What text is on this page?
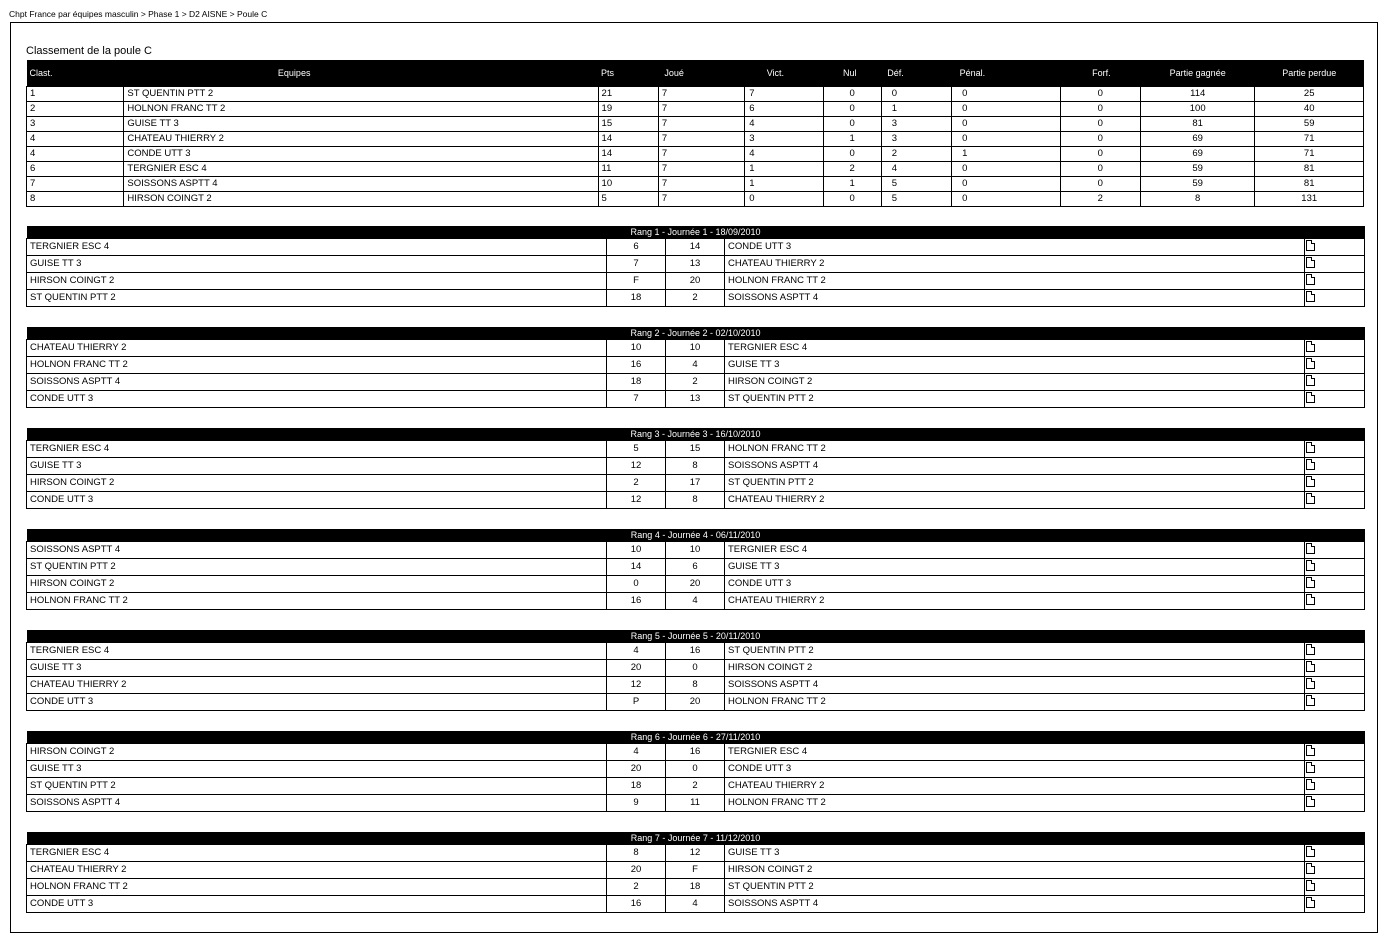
Chpt France par équipes masculin > Phase 1 > D2 AISNE > Poule C
Classement de la poule C
Clast.	Equipes	Pts	Joué	Vict.	Nul	Déf.	Pénal.	Forf.	Partie gagnée	Partie perdue
1	ST QUENTIN PTT 2	21	7	7	0	0	0	0	114	25
2	HOLNON FRANC TT 2	19	7	6	0	1	0	0	100	40
3	GUISE TT 3	15	7	4	0	3	0	0	81	59
4	CHATEAU THIERRY 2	14	7	3	1	3	0	0	69	71
4	CONDE UTT 3	14	7	4	0	2	1	0	69	71
6	TERGNIER ESC 4	11	7	1	2	4	0	0	59	81
7	SOISSONS ASPTT 4	10	7	1	1	5	0	0	59	81
8	HIRSON COINGT 2	5	7	0	0	5	0	2	8	131
Rang 1 - Journée 1 - 18/09/2010				
TERGNIER ESC 4	6	14	CONDE UTT 3	
GUISE TT 3	7	13	CHATEAU THIERRY 2	
HIRSON COINGT 2	F	20	HOLNON FRANC TT 2	
ST QUENTIN PTT 2	18	2	SOISSONS ASPTT 4	
Rang 2 - Journée 2 - 02/10/2010				
CHATEAU THIERRY 2	10	10	TERGNIER ESC 4	
HOLNON FRANC TT 2	16	4	GUISE TT 3	
SOISSONS ASPTT 4	18	2	HIRSON COINGT 2	
CONDE UTT 3	7	13	ST QUENTIN PTT 2	
Rang 3 - Journée 3 - 16/10/2010				
TERGNIER ESC 4	5	15	HOLNON FRANC TT 2	
GUISE TT 3	12	8	SOISSONS ASPTT 4	
HIRSON COINGT 2	2	17	ST QUENTIN PTT 2	
CONDE UTT 3	12	8	CHATEAU THIERRY 2	
Rang 4 - Journée 4 - 06/11/2010				
SOISSONS ASPTT 4	10	10	TERGNIER ESC 4	
ST QUENTIN PTT 2	14	6	GUISE TT 3	
HIRSON COINGT 2	0	20	CONDE UTT 3	
HOLNON FRANC TT 2	16	4	CHATEAU THIERRY 2	
Rang 5 - Journée 5 - 20/11/2010				
TERGNIER ESC 4	4	16	ST QUENTIN PTT 2	
GUISE TT 3	20	0	HIRSON COINGT 2	
CHATEAU THIERRY 2	12	8	SOISSONS ASPTT 4	
CONDE UTT 3	P	20	HOLNON FRANC TT 2	
Rang 6 - Journée 6 - 27/11/2010				
HIRSON COINGT 2	4	16	TERGNIER ESC 4	
GUISE TT 3	20	0	CONDE UTT 3	
ST QUENTIN PTT 2	18	2	CHATEAU THIERRY 2	
SOISSONS ASPTT 4	9	11	HOLNON FRANC TT 2	
Rang 7 - Journée 7 - 11/12/2010				
TERGNIER ESC 4	8	12	GUISE TT 3	
CHATEAU THIERRY 2	20	F	HIRSON COINGT 2	
HOLNON FRANC TT 2	2	18	ST QUENTIN PTT 2	
CONDE UTT 3	16	4	SOISSONS ASPTT 4	
